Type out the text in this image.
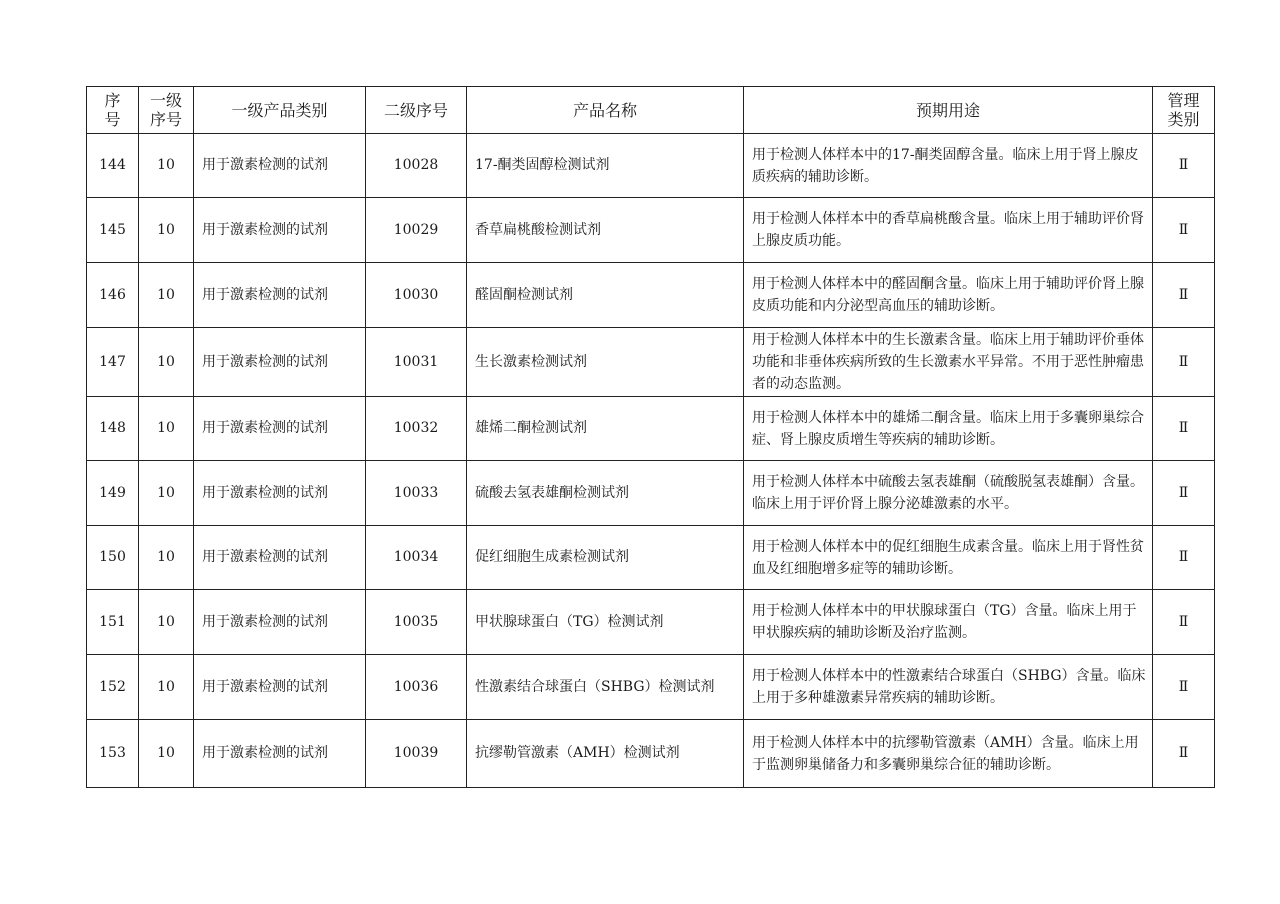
序号	一级序号	一级产品类别	二级序号	产品名称	预期用途	管理类别

144	10	用于激素检测的试剂	10028	17-酮类固醇检测试剂	用于检测人体样本中的17-酮类固醇含量。临床上用于肾上腺皮质疾病的辅助诊断。	Ⅱ
145	10	用于激素检测的试剂	10029	香草扁桃酸检测试剂	用于检测人体样本中的香草扁桃酸含量。临床上用于辅助评价肾上腺皮质功能。	Ⅱ
146	10	用于激素检测的试剂	10030	醛固酮检测试剂	用于检测人体样本中的醛固酮含量。临床上用于辅助评价肾上腺皮质功能和内分泌型高血压的辅助诊断。	Ⅱ
147	10	用于激素检测的试剂	10031	生长激素检测试剂	用于检测人体样本中的生长激素含量。临床上用于辅助评价垂体功能和非垂体疾病所致的生长激素水平异常。不用于恶性肿瘤患者的动态监测。	Ⅱ
148	10	用于激素检测的试剂	10032	雄烯二酮检测试剂	用于检测人体样本中的雄烯二酮含量。临床上用于多囊卵巢综合症、肾上腺皮质增生等疾病的辅助诊断。	Ⅱ
149	10	用于激素检测的试剂	10033	硫酸去氢表雄酮检测试剂	用于检测人体样本中硫酸去氢表雄酮（硫酸脱氢表雄酮）含量。临床上用于评价肾上腺分泌雄激素的水平。	Ⅱ
150	10	用于激素检测的试剂	10034	促红细胞生成素检测试剂	用于检测人体样本中的促红细胞生成素含量。临床上用于肾性贫血及红细胞增多症等的辅助诊断。	Ⅱ
151	10	用于激素检测的试剂	10035	甲状腺球蛋白（TG）检测试剂	用于检测人体样本中的甲状腺球蛋白（TG）含量。临床上用于甲状腺疾病的辅助诊断及治疗监测。	Ⅱ
152	10	用于激素检测的试剂	10036	性激素结合球蛋白（SHBG）检测试剂	用于检测人体样本中的性激素结合球蛋白（SHBG）含量。临床上用于多种雄激素异常疾病的辅助诊断。	Ⅱ
153	10	用于激素检测的试剂	10039	抗缪勒管激素（AMH）检测试剂	用于检测人体样本中的抗缪勒管激素（AMH）含量。临床上用于监测卵巢储备力和多囊卵巢综合征的辅助诊断。	Ⅱ
